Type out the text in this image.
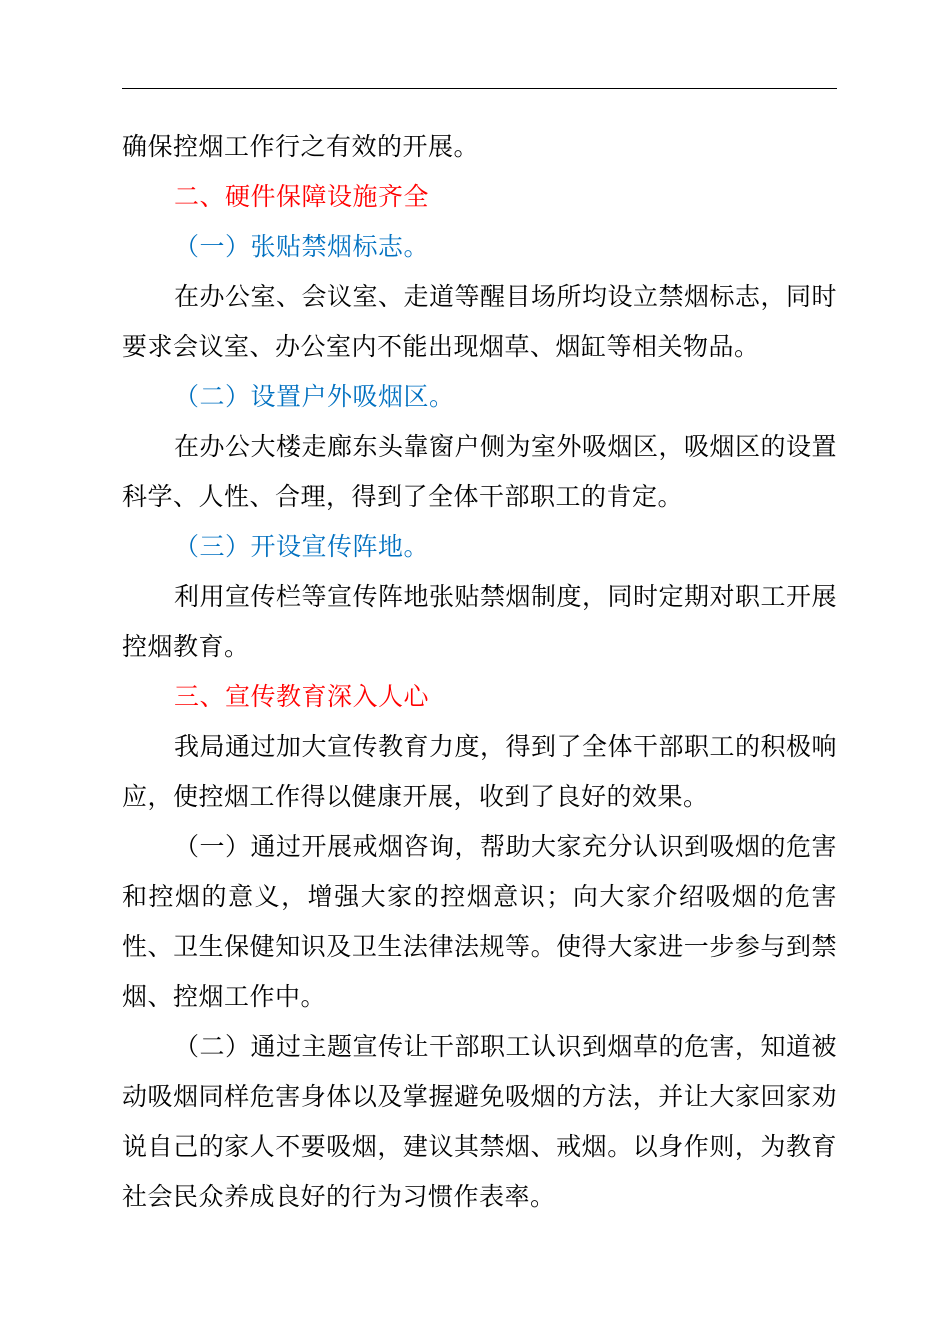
确保控烟工作行之有效的开展。
二、硬件保障设施齐全
（一）张贴禁烟标志。

在办公室、会议室、走道等醒目场所均设立禁烟标志，同时要求会议室、办公室内不能出现烟草、烟缸等相关物品。

（二）设置户外吸烟区。

在办公大楼走廊东头靠窗户侧为室外吸烟区，吸烟区的设置科学、人性、合理，得到了全体干部职工的肯定。

（三）开设宣传阵地。

利用宣传栏等宣传阵地张贴禁烟制度，同时定期对职工开展控烟教育。

三、宣传教育深入人心

我局通过加大宣传教育力度，得到了全体干部职工的积极响应，使控烟工作得以健康开展，收到了良好的效果。

（一）通过开展戒烟咨询，帮助大家充分认识到吸烟的危害和控烟的意义，增强大家的控烟意识；向大家介绍吸烟的危害性、卫生保健知识及卫生法律法规等。使得大家进一步参与到禁烟、控烟工作中。

（二）通过主题宣传让干部职工认识到烟草的危害，知道被动吸烟同样危害身体以及掌握避免吸烟的方法，并让大家回家劝说自己的家人不要吸烟，建议其禁烟、戒烟。以身作则，为教育社会民众养成良好的行为习惯作表率。
